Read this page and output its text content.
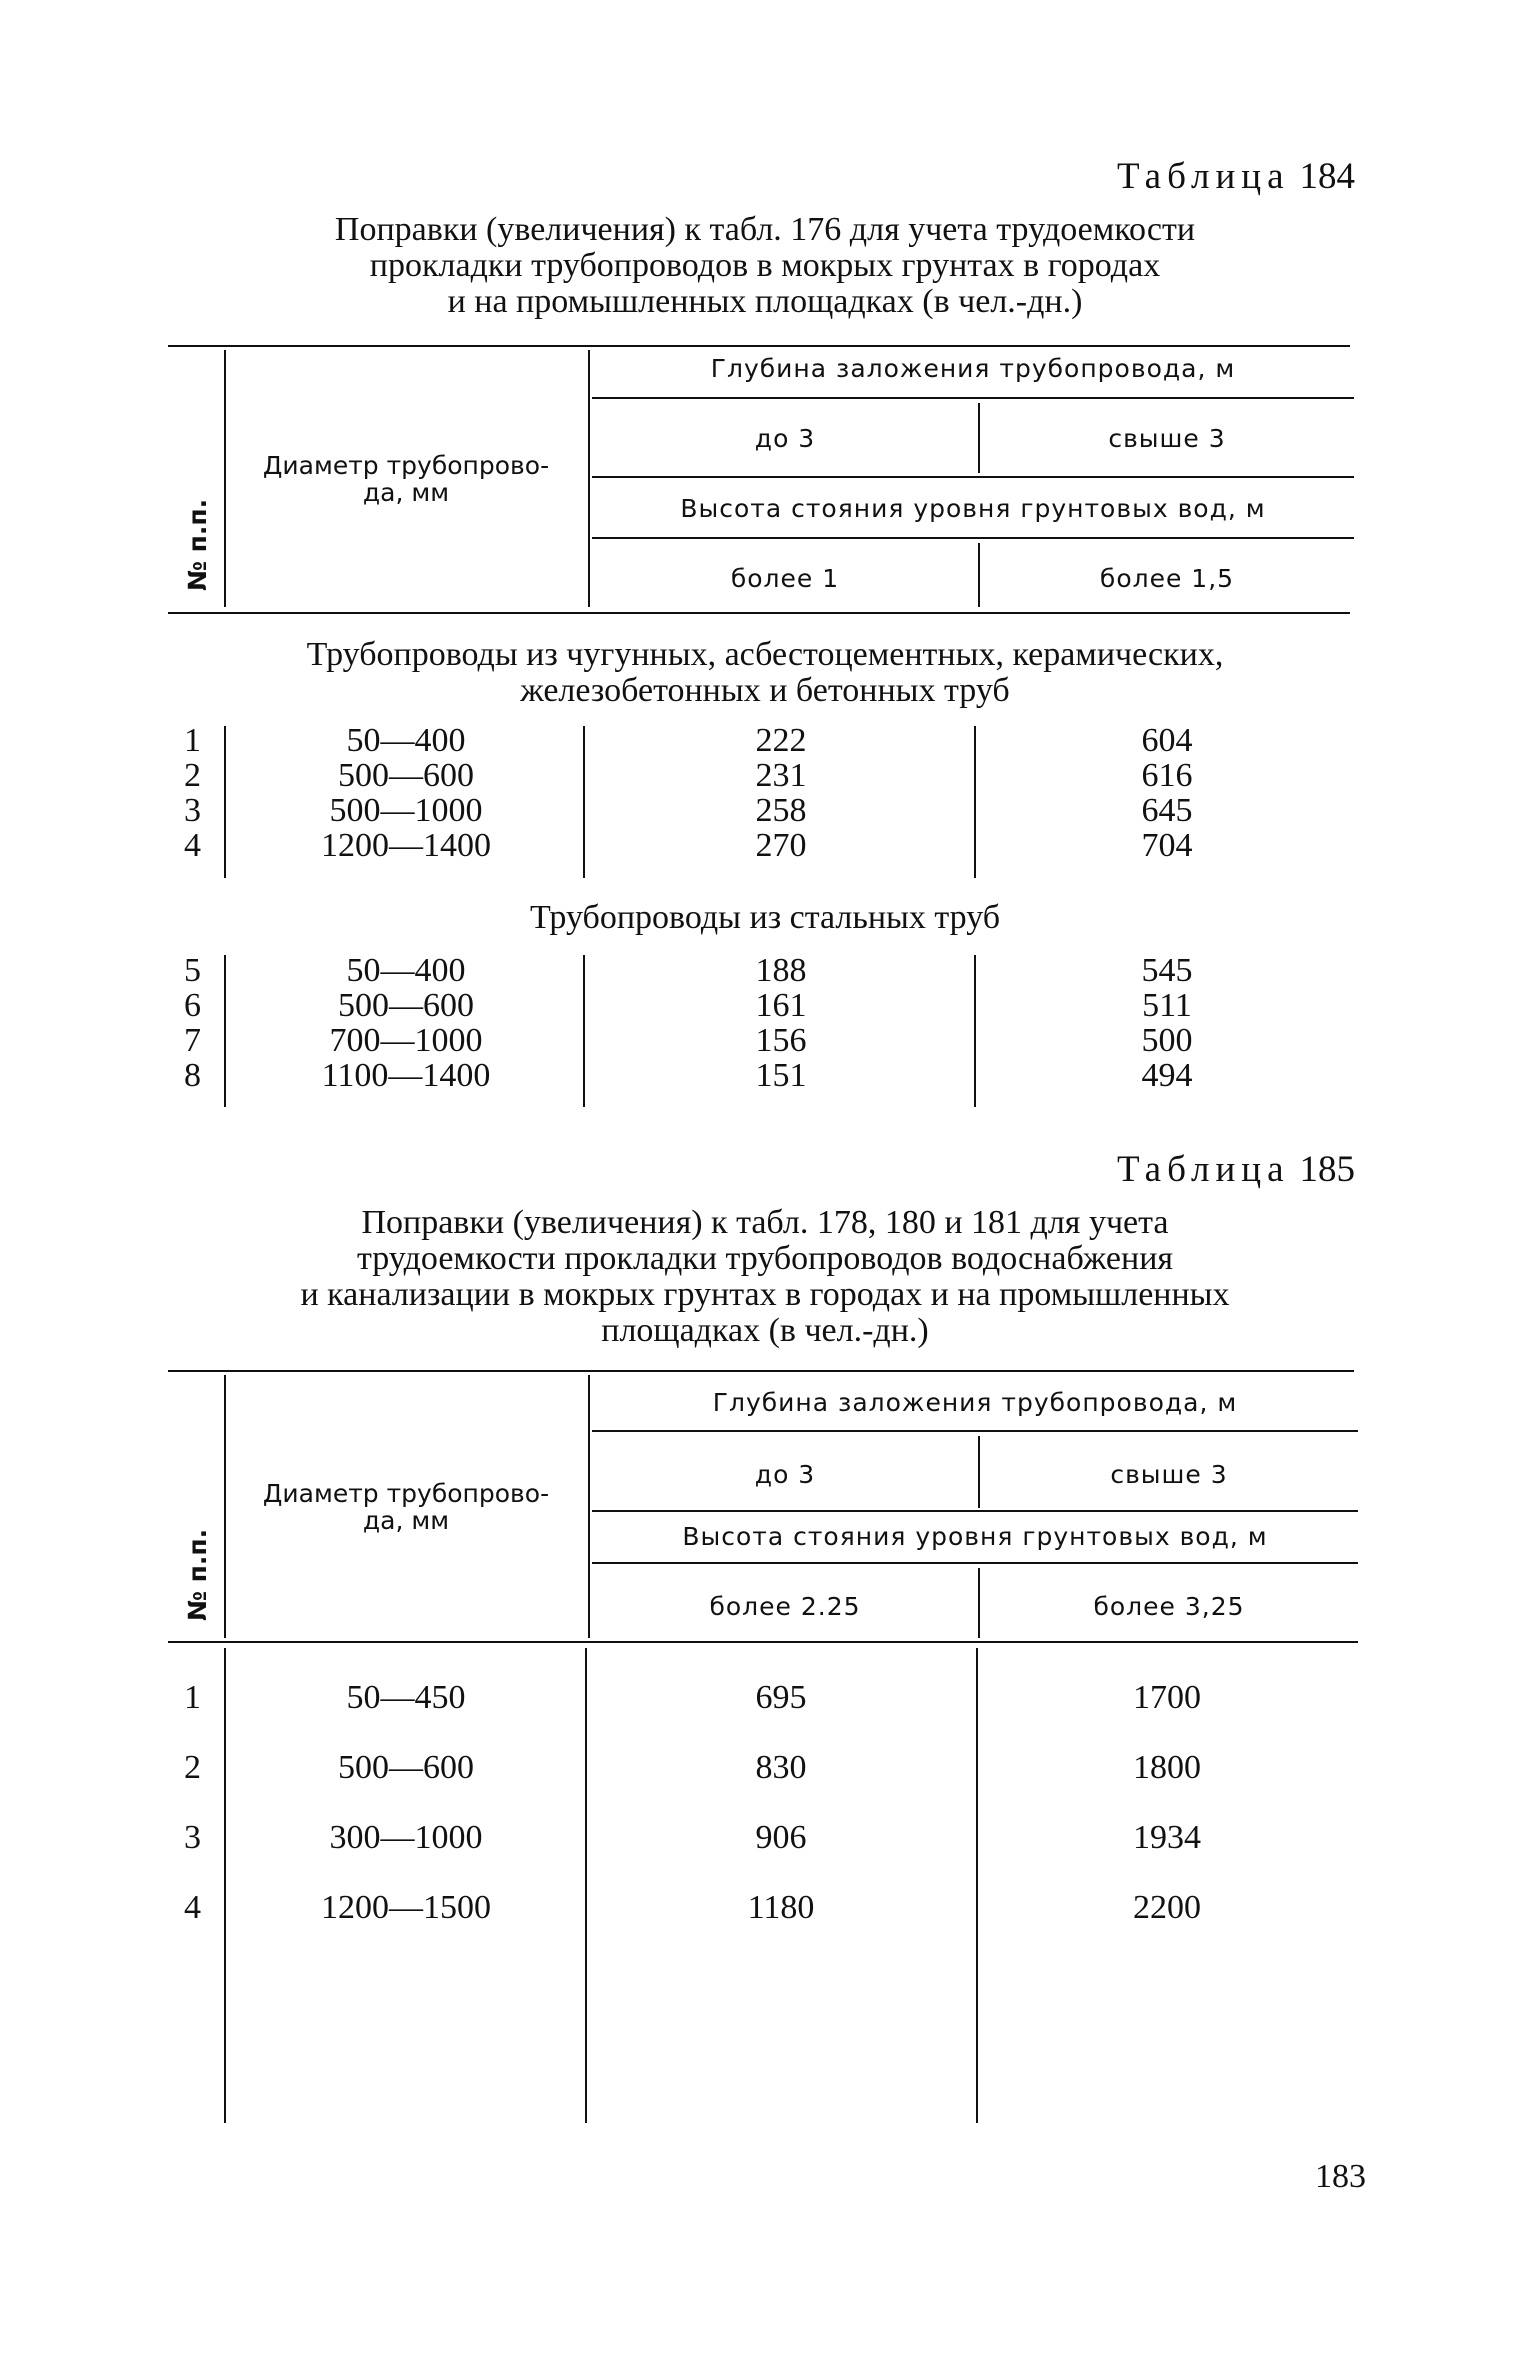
Таблица 184
Поправки (увеличения) к табл. 176 для учета трудоемкости
прокладки трубопроводов в мокрых грунтах в городах
и на промышленных площадках (в чел.-дн.)
№ п.п.
Диаметр трубопрово-
да, мм
Глубина заложения трубопровода, м
до 3	свыше 3
Высота стояния уровня грунтовых вод, м
более 1	более 1,5
Трубопроводы из чугунных, асбестоцементных, керамических,
железобетонных и бетонных труб
1	50—400	222	604
2	500—600	231	616
3	500—1000	258	645
4	1200—1400	270	704
Трубопроводы из стальных труб
5	50—400	188	545
6	500—600	161	511
7	700—1000	156	500
8	1100—1400	151	494
Таблица 185
Поправки (увеличения) к табл. 178, 180 и 181 для учета
трудоемкости прокладки трубопроводов водоснабжения
и канализации в мокрых грунтах в городах и на промышленных
площадках (в чел.-дн.)
№ п.п.
Диаметр трубопрово-
да, мм
Глубина заложения трубопровода, м
до 3	свыше 3
Высота стояния уровня грунтовых вод, м
более 2.25	более 3,25
1	50—450	695	1700
2	500—600	830	1800
3	300—1000	906	1934
4	1200—1500	1180	2200
183
